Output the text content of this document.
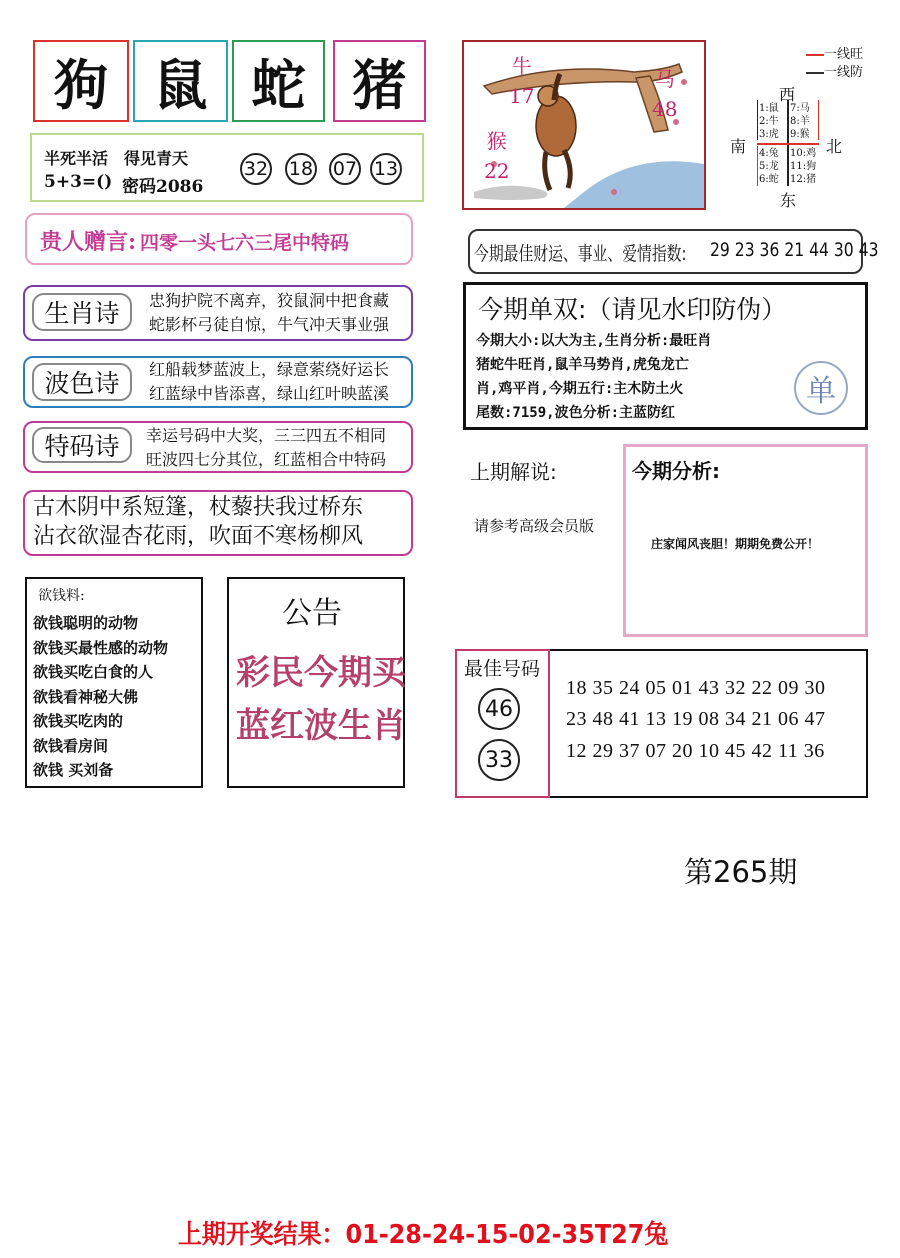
狗 鼠 蛇 猪
半死半活　得见青天
5+3=() 密码2086
32 18 07 13
贵人赠言: 四零一头七六三尾中特码
生肖诗 忠狗护院不离弃，狡鼠洞中把食藏
蛇影杯弓徒自惊，牛气冲天事业强
波色诗 红船载梦蓝波上，绿意萦绕好运长
红蓝绿中皆添喜，绿山红叶映蓝溪
特码诗 幸运号码中大奖，三三四五不相同
旺波四七分其位，红蓝相合中特码
古木阴中系短篷，杖藜扶我过桥东
沾衣欲湿杏花雨，吹面不寒杨柳风
欲钱料:
欲钱聪明的动物
欲钱买最性感的动物
欲钱买吃白食的人
欲钱看神秘大佛
欲钱买吃肉的
欲钱看房间
欲钱 买刘备
公告
彩民今期买
蓝红波生肖
牛
17
马
48
猴
22
一线旺
一线防
西
南	北
东
1:鼠
2:牛
3:虎
7:马
8:羊
9:猴
4:兔
5:龙
6:蛇
10:鸡
11:狗
12:猪
今期最佳财运、事业、爱情指数: 29 23 36 21 44 30 43
今期单双:（请见水印防伪）
今期大小:以大为主,生肖分析:最旺肖
猪蛇牛旺肖,鼠羊马势肖,虎兔龙亡
肖,鸡平肖,今期五行:主木防土火
尾数:7159,波色分析:主蓝防红
单
上期解说:
请参考高级会员版
今期分析:
庄家闻风丧胆！期期免费公开！
最佳号码
46
33
18 35 24 05 01 43 32 22 09 30
23 48 41 13 19 08 34 21 06 47
12 29 37 07 20 10 45 42 11 36
第265期
上期开奖结果：01-28-24-15-02-35T27兔
